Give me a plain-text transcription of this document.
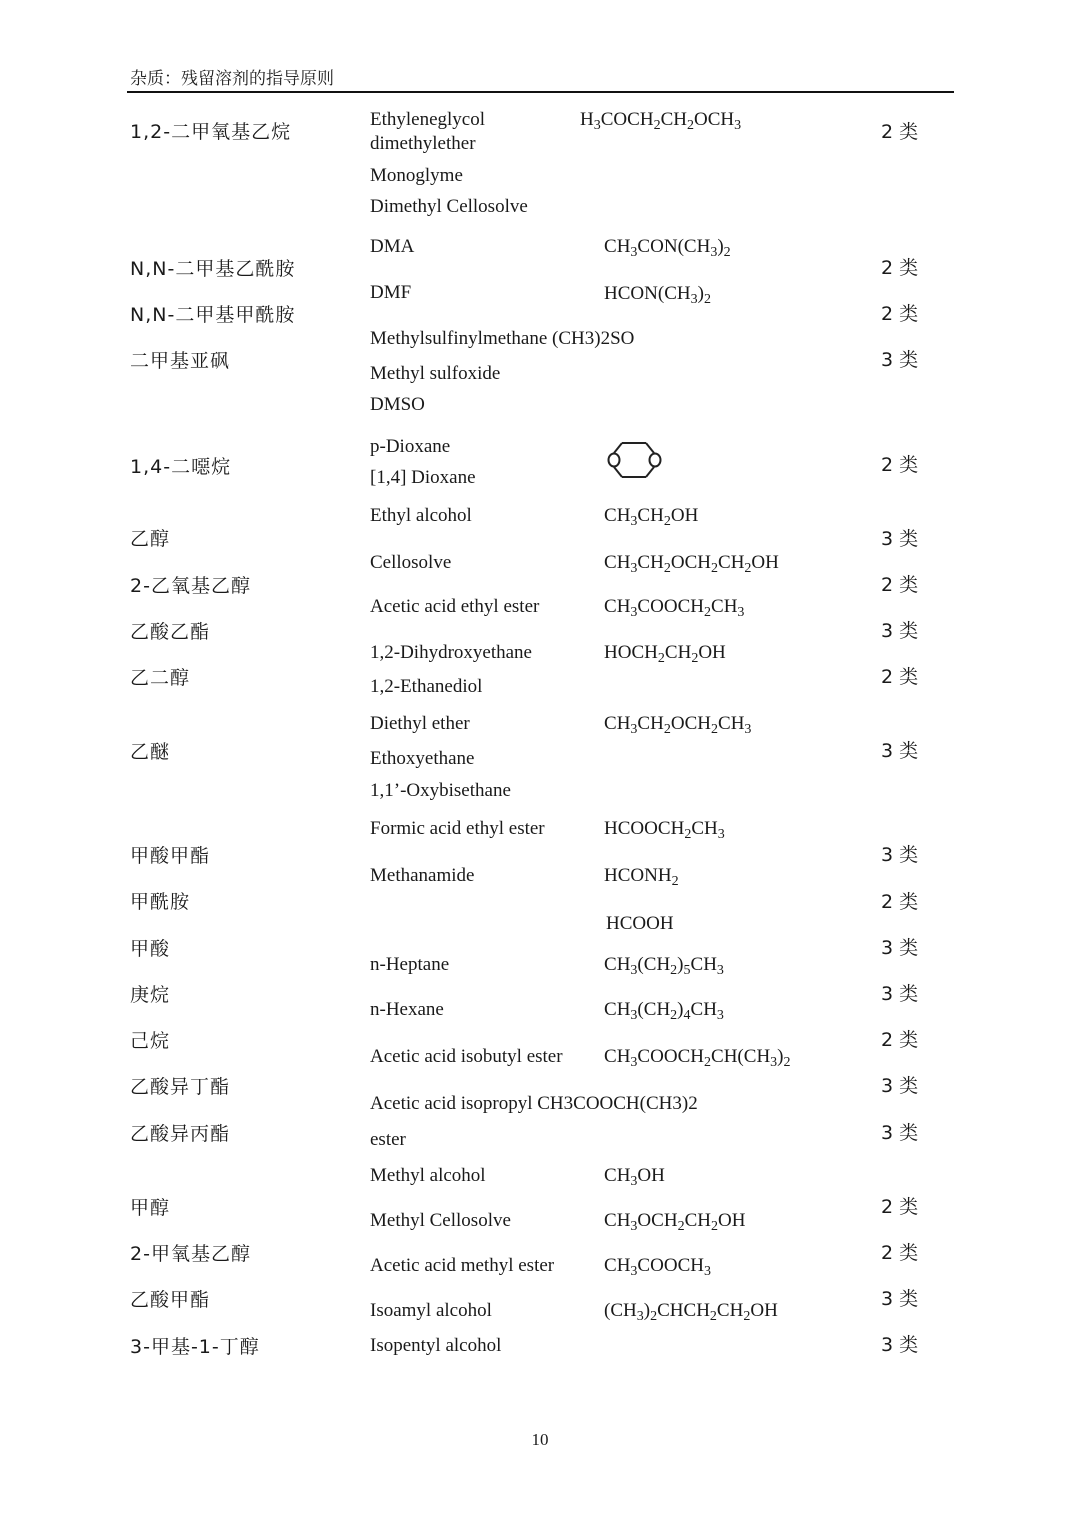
杂质：残留溶剂的指导原则
1,2-二甲氧基乙烷
N,N-二甲基乙酰胺
N,N-二甲基甲酰胺
二甲基亚砜
1,4-二噁烷
乙醇
2-乙氧基乙醇
乙酸乙酯
乙二醇
乙醚
甲酸甲酯
甲酰胺
甲酸
庚烷
己烷
乙酸异丁酯
乙酸异丙酯
甲醇
2-甲氧基乙醇
乙酸甲酯
3-甲基-1-丁醇
Ethyleneglycol
dimethylether
Monoglyme
Dimethyl Cellosolve
DMA
DMF
Methylsulfinylmethane (CH3)2SO
Methyl sulfoxide
DMSO
p-Dioxane
[1,4] Dioxane
Ethyl alcohol
Cellosolve
Acetic acid ethyl ester
1,2-Dihydroxyethane
1,2-Ethanediol
Diethyl ether
Ethoxyethane
1,1’-Oxybisethane
Formic acid ethyl ester
Methanamide
n-Heptane
n-Hexane
Acetic acid isobutyl ester
Acetic acid isopropyl CH3COOCH(CH3)2
ester
Methyl alcohol
Methyl Cellosolve
Acetic acid methyl ester
Isoamyl alcohol
Isopentyl alcohol
$H_3COCH_2CH_2OCH_3$
$CH_3CON(CH_3)_2$
$HCON(CH_3)_2$
$CH_3CH_2OH$
$CH_3CH_2OCH_2CH_2OH$
$CH_3COOCH_2CH_3$
$HOCH_2CH_2OH$
$CH_3CH_2OCH_2CH_3$
$HCOOCH_2CH_3$
$HCONH_2$
HCOOH
$CH_3(CH_2)_5CH_3$
$CH_3(CH_2)_4CH_3$
$CH_3COOCH_2CH(CH_3)_2$
$CH_3OH$
$CH_3OCH_2CH_2OH$
$CH_3COOCH_3$
$(CH_3)_2CHCH_2CH_2OH$
2 类
2 类
2 类
3 类
2 类
3 类
2 类
3 类
2 类
3 类
3 类
2 类
3 类
3 类
2 类
3 类
3 类
2 类
2 类
3 类
3 类
10
